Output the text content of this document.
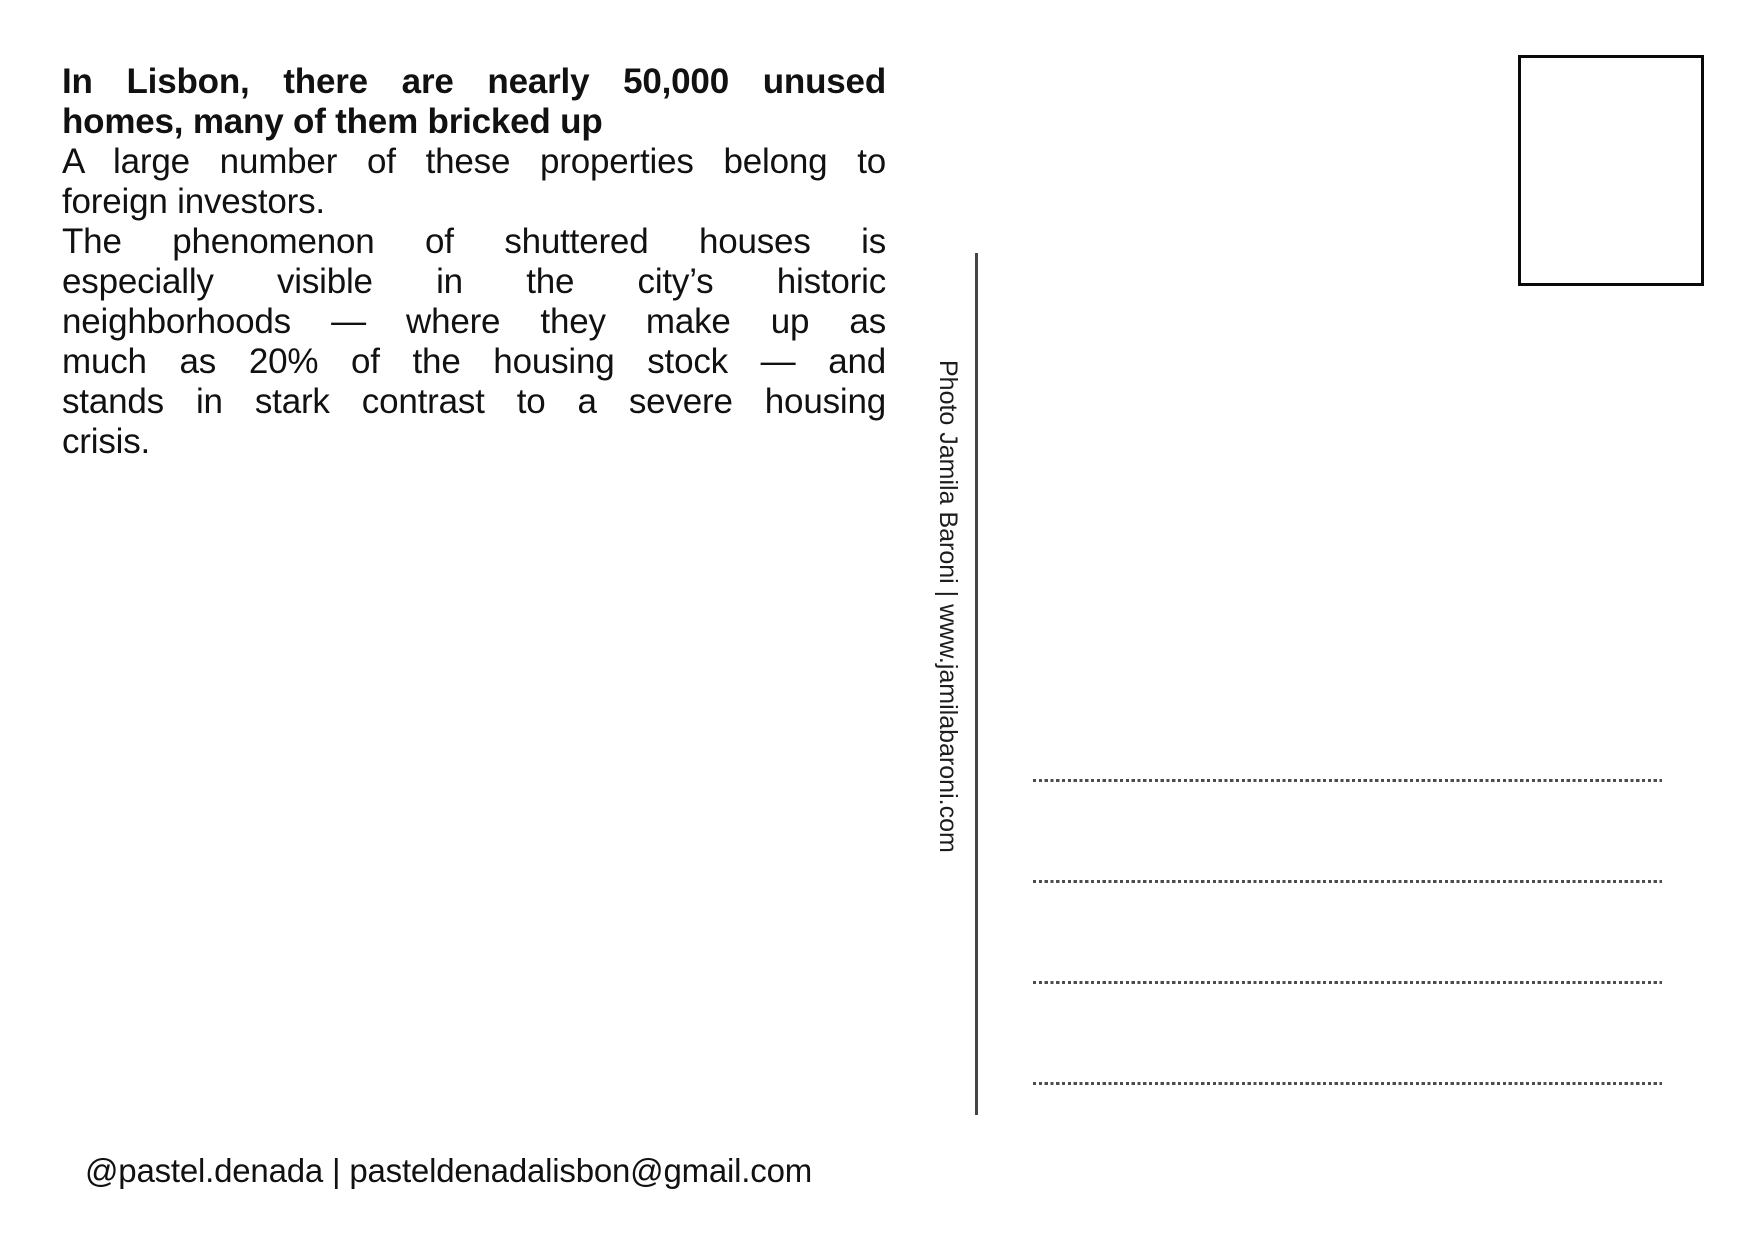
In Lisbon, there are nearly 50,000 unused
homes, many of them bricked up
A large number of these properties belong to
foreign investors.
The phenomenon of shuttered houses is
especially visible in the city’s historic
neighborhoods — where they make up as
much as 20% of the housing stock — and
stands in stark contrast to a severe housing
crisis.	Photo Jamila Baroni | www.jamilabaroni.com
@pastel.denada | pasteldenadalisbon@gmail.com
